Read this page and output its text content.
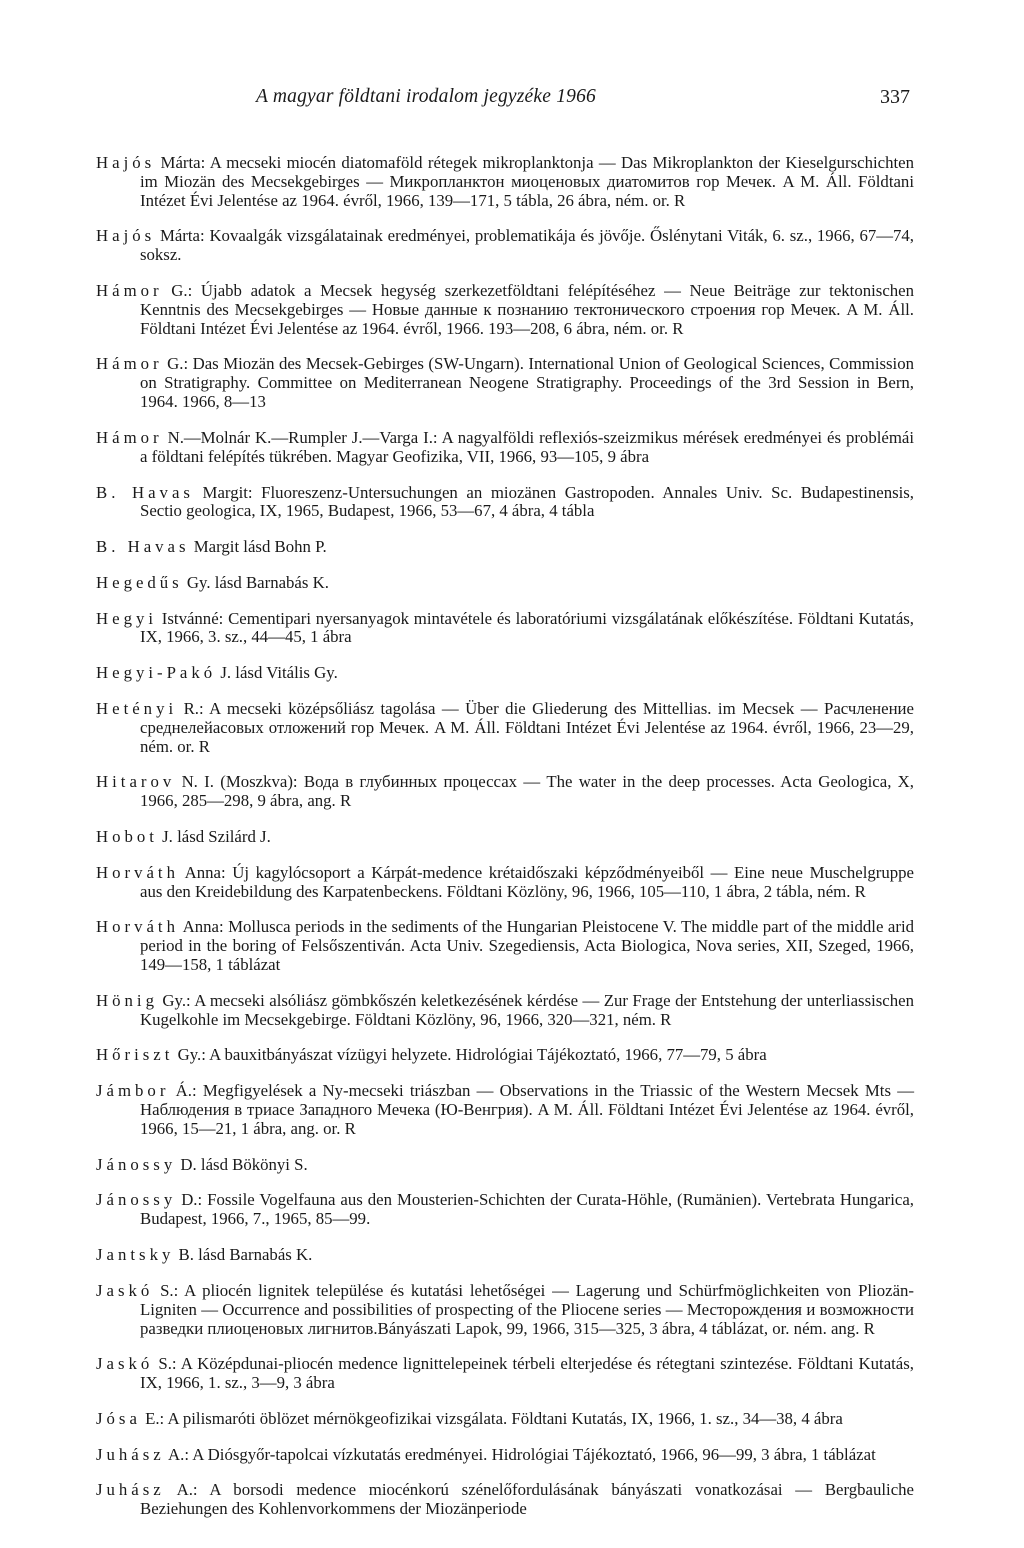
A magyar földtani irodalom jegyzéke 1966	337

Hajós Márta: A mecseki miocén diatomaföld rétegek mikroplanktonja — Das Mikroplankton der Kieselgurschichten im Miozän des Mecsekgebirges — Микропланктон миоценовых диатомитов гор Мечек. A M. Áll. Földtani Intézet Évi Jelentése az 1964. évről, 1966, 139—171, 5 tábla, 26 ábra, ném. or. R

Hajós Márta: Kovaalgák vizsgálatainak eredményei, problematikája és jövője. Őslénytani Viták, 6. sz., 1966, 67—74, soksz.

Hámor G.: Újabb adatok a Mecsek hegység szerkezetföldtani felépítéséhez — Neue Beiträge zur tektonischen Kenntnis des Mecsekgebirges — Новые данные к познанию тектонического строения гор Мечек. A M. Áll. Földtani Intézet Évi Jelentése az 1964. évről, 1966. 193—208, 6 ábra, ném. or. R

Hámor G.: Das Miozän des Mecsek-Gebirges (SW-Ungarn). International Union of Geological Sciences, Commission on Stratigraphy. Committee on Mediterranean Neogene Stratigraphy. Proceedings of the 3rd Session in Bern, 1964. 1966, 8—13

Hámor N.—Molnár K.—Rumpler J.—Varga I.: A nagyalföldi reflexiós-szeizmikus mérések eredményei és problémái a földtani felépítés tükrében. Magyar Geofizika, VII, 1966, 93—105, 9 ábra

B. Havas Margit: Fluoreszenz-Untersuchungen an miozänen Gastropoden. Annales Univ. Sc. Budapestinensis, Sectio geologica, IX, 1965, Budapest, 1966, 53—67, 4 ábra, 4 tábla

B. Havas Margit lásd Bohn P.

Hegedűs Gy. lásd Barnabás K.

Hegyi Istvánné: Cementipari nyersanyagok mintavétele és laboratóriumi vizsgálatának előkészítése. Földtani Kutatás, IX, 1966, 3. sz., 44—45, 1 ábra

Hegyi-Pakó J. lásd Vitális Gy.

Hetényi R.: A mecseki középsőliász tagolása — Über die Gliederung des Mittellias. im Mecsek — Расчленение среднелейасовых отложений гор Мечек. A M. Áll. Földtani Intézet Évi Jelentése az 1964. évről, 1966, 23—29, ném. or. R

Hitarov N. I. (Moszkva): Вода в глубинных процессах — The water in the deep processes. Acta Geologica, X, 1966, 285—298, 9 ábra, ang. R

Hobot J. lásd Szilárd J.

Horváth Anna: Új kagylócsoport a Kárpát-medence krétaidőszaki képződményeiből — Eine neue Muschelgruppe aus den Kreidebildung des Karpatenbeckens. Földtani Közlöny, 96, 1966, 105—110, 1 ábra, 2 tábla, ném. R

Horváth Anna: Mollusca periods in the sediments of the Hungarian Pleistocene V. The middle part of the middle arid period in the boring of Felsőszentiván. Acta Univ. Szegediensis, Acta Biologica, Nova series, XII, Szeged, 1966, 149—158, 1 táblázat

Hönig Gy.: A mecseki alsóliász gömbkőszén keletkezésének kérdése — Zur Frage der Entstehung der unterliassischen Kugelkohle im Mecsekgebirge. Földtani Közlöny, 96, 1966, 320—321, ném. R

Hőriszt Gy.: A bauxitbányászat vízügyi helyzete. Hidrológiai Tájékoztató, 1966, 77—79, 5 ábra

Jámbor Á.: Megfigyelések a Ny-mecseki triászban — Observations in the Triassic of the Western Mecsek Mts — Наблюдения в триасе Западного Мечека (Ю-Венгрия). A M. Áll. Földtani Intézet Évi Jelentése az 1964. évről, 1966, 15—21, 1 ábra, ang. or. R

Jánossy D. lásd Bökönyi S.

Jánossy D.: Fossile Vogelfauna aus den Mousterien-Schichten der Curata-Höhle, (Rumänien). Vertebrata Hungarica, Budapest, 1966, 7., 1965, 85—99.

Jantsky B. lásd Barnabás K.

Jaskó S.: A pliocén lignitek települése és kutatási lehetőségei — Lagerung und Schürfmöglichkeiten von Pliozän-Ligniten — Occurrence and possibilities of prospecting of the Pliocene series — Месторождения и возможности разведки плиоценовых лигнитов.Bányászati Lapok, 99, 1966, 315—325, 3 ábra, 4 táblázat, or. ném. ang. R

Jaskó S.: A Középdunai-pliocén medence lignittelepeinek térbeli elterjedése és rétegtani szintezése. Földtani Kutatás, IX, 1966, 1. sz., 3—9, 3 ábra

Jósa E.: A pilismaróti öblözet mérnökgeofizikai vizsgálata. Földtani Kutatás, IX, 1966, 1. sz., 34—38, 4 ábra

Juhász A.: A Diósgyőr-tapolcai vízkutatás eredményei. Hidrológiai Tájékoztató, 1966, 96—99, 3 ábra, 1 táblázat

Juhász A.: A borsodi medence miocénkorú szénelőfordulásának bányászati vonatkozásai — Bergbauliche Beziehungen des Kohlenvorkommens der Miozänperiode
